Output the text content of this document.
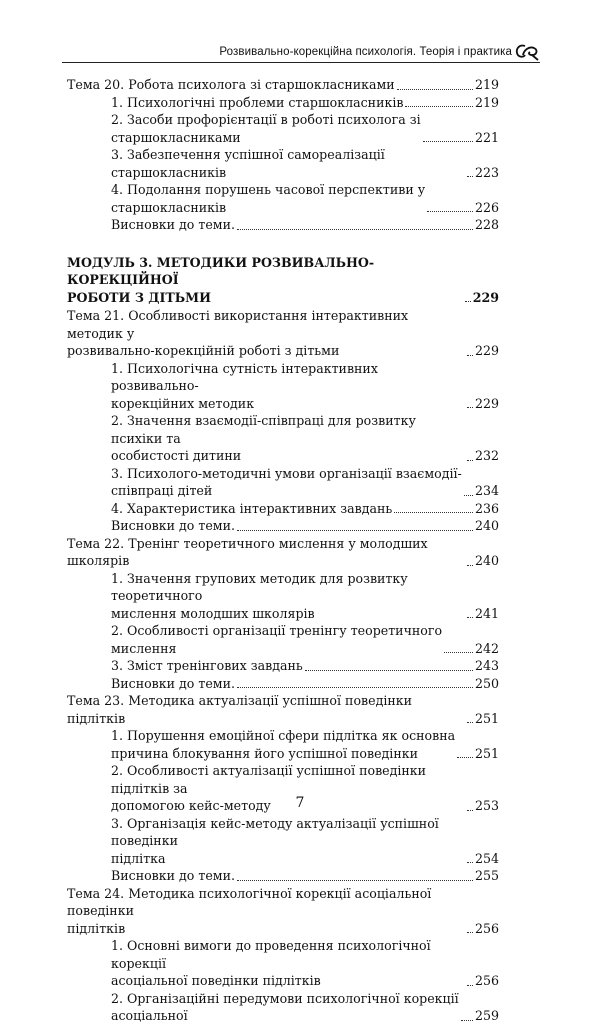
Розвивально-корекційна психологія. Теорія і практика
Тема 20. Робота психолога зі старшокласниками	219
1. Психологічні проблеми старшокласників	219
2. Засоби профорієнтації в роботі психолога зі
старшокласниками	221
3. Забезпечення успішної самореалізації старшокласників	223
4. Подолання порушень часової перспективи у
старшокласників	226
Висновки до теми.	228
МОДУЛЬ 3. МЕТОДИКИ РОЗВИВАЛЬНО-КОРЕКЦІЙНОЇ
РОБОТИ З ДІТЬМИ	229
Тема 21. Особливості використання інтерактивних методик у
розвивально-корекційній роботі з дітьми	229
1. Психологічна сутність інтерактивних розвивально-
корекційних методик	229
2. Значення взаємодії-співпраці для розвитку психіки та
особистості дитини	232
3. Психолого-методичні умови організації взаємодії-
співпраці дітей	234
4. Характеристика інтерактивних завдань	236
Висновки до теми.	240
Тема 22. Тренінг теоретичного мислення у молодших школярів	240
1. Значення групових методик для розвитку теоретичного
мислення молодших школярів	241
2. Особливості організації тренінгу теоретичного
мислення	242
3. Зміст тренінгових завдань	243
Висновки до теми.	250
Тема 23. Методика актуалізації успішної поведінки підлітків	251
1. Порушення емоційної сфери підлітка як основна
причина блокування його успішної поведінки	251
2. Особливості актуалізації успішної поведінки підлітків за
допомогою кейс-методу	253
3. Організація кейс-методу актуалізації успішної поведінки
підлітка	254
Висновки до теми.	255
Тема 24. Методика психологічної корекції асоціальної поведінки
підлітків	256
1. Основні вимоги до проведення психологічної корекції
асоціальної поведінки підлітків	256
2. Організаційні передумови психологічної корекції
асоціальної	259
7
